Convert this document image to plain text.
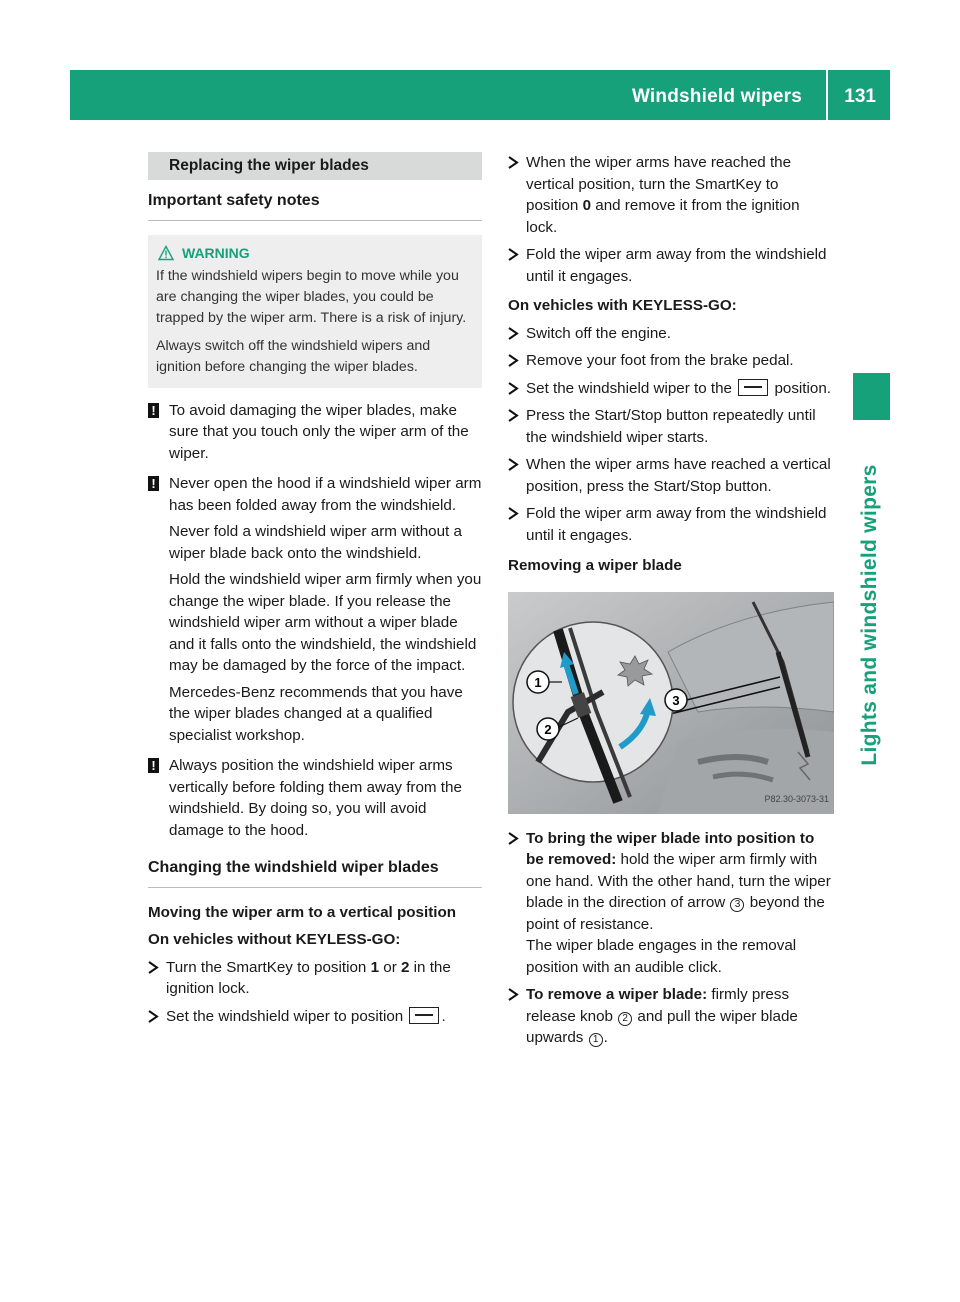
Windshield wipers 131
Lights and windshield wipers
Replacing the wiper blades
Important safety notes
WARNING

If the windshield wipers begin to move while you are changing the wiper blades, you could be trapped by the wiper arm. There is a risk of injury.

Always switch off the windshield wipers and ignition before changing the wiper blades.

! To avoid damaging the wiper blades, make sure that you touch only the wiper arm of the wiper.

! Never open the hood if a windshield wiper arm has been folded away from the windshield.

Never fold a windshield wiper arm without a wiper blade back onto the windshield.

Hold the windshield wiper arm firmly when you change the wiper blade. If you release the windshield wiper arm without a wiper blade and it falls onto the windshield, the windshield may be damaged by the force of the impact.

Mercedes-Benz recommends that you have the wiper blades changed at a qualified specialist workshop.

! Always position the windshield wiper arms vertically before folding them away from the windshield. By doing so, you will avoid damage to the hood.

Changing the windshield wiper blades
Moving the wiper arm to a vertical position
On vehicles without KEYLESS-GO:
Turn the SmartKey to position 1 or 2 in the ignition lock.
Set the windshield wiper to position .
When the wiper arms have reached the vertical position, turn the SmartKey to position 0 and remove it from the ignition lock.
Fold the wiper arm away from the windshield until it engages.
On vehicles with KEYLESS-GO:
Switch off the engine.
Remove your foot from the brake pedal.
Set the windshield wiper to the  position.
Press the Start/Stop button repeatedly until the windshield wiper starts.
When the wiper arms have reached a vertical position, press the Start/Stop button.
Fold the wiper arm away from the windshield until it engages.
Removing a wiper blade
1
2
3
P82.30-3073-31
To bring the wiper blade into position to be removed: hold the wiper arm firmly with one hand. With the other hand, turn the wiper blade in the direction of arrow 3 beyond the point of resistance.
The wiper blade engages in the removal position with an audible click.
To remove a wiper blade: firmly press release knob 2 and pull the wiper blade upwards 1 .
